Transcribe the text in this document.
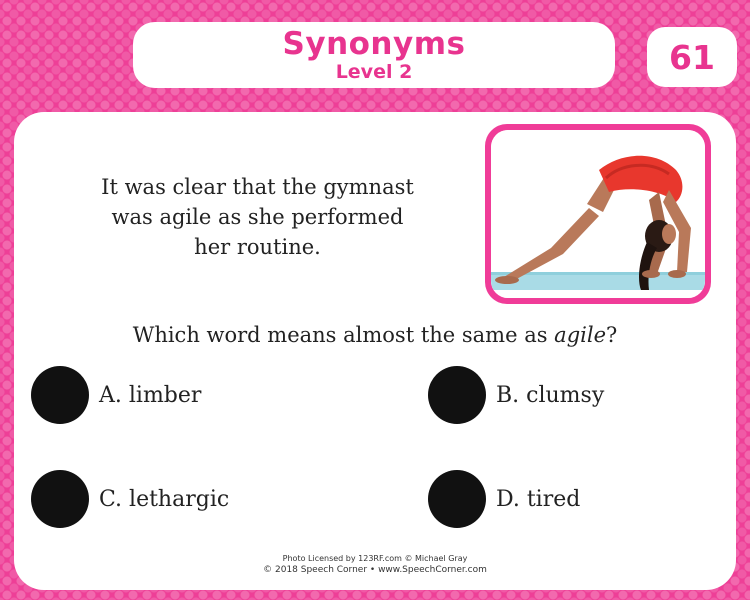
Synonyms
Level 2	61
It was clear that the gymnast was agile as she performed her routine.
Which word means almost the same as agile?
A. limber	B. clumsy
C. lethargic	D. tired
Photo Licensed by 123RF.com © Michael Gray
© 2018 Speech Corner • www.SpeechCorner.com
